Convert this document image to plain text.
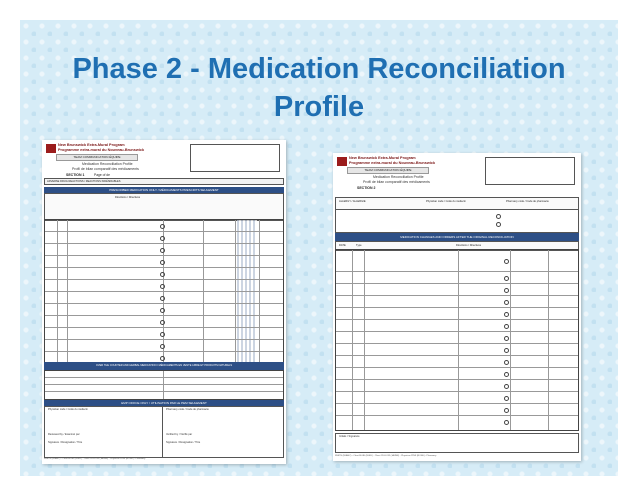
Phase 2 - Medication Reconciliation
Profile
New Brunswick Extra-Mural Program
Programme extra-mural du Nouveau-Brunswick
TEAM COMMUNICATION ÉQUIPE
Medication Reconciliation Profile
Profil de bilan comparatif des médicaments
SECTION 1	Page of de
ADVERSE DRUG REACTIONS / REACTIONS INDÉSIRABLES
PRESCRIBED MEDICATION ONLY / MÉDICAMENTS PRESCRITS SEULEMENT
Directions / Directives
OVER THE COUNTER AND HERBAL MEDICATION / MÉDICAMENTS EN VENTE LIBRE ET PRODUITS NATURELS
EMP OFFICE ONLY / UTILISATION PAR LE PEM SEULEMENT
Physician code / Code du médecin
Reviewed by / Examiné par
Signature / Désignation / Titre
Pharmacy code / Code de pharmacie
Verified by / Vérifié par
Signature / Désignation / Titre
WHITE (BLANC) - Chart BLUE (BLEU) - Client YELLOW (JAUNE) - Physician PINK (ROSE) - Pharmacy
New Brunswick Extra-Mural Program
Programme extra-mural du Nouveau-Brunswick
TEAM COMMUNICATION ÉQUIPE
Medication Reconciliation Profile
Profil de bilan comparatif des médicaments
SECTION 2
ALLERGY / ALLERGIE	Physician code / Code du médecin	Pharmacy code / Code de pharmacie
MEDICATION CHANGES AND ORDERS AFTER THE ORIGINAL RECONCILIATION
DATE	Type	Directions / Directives
Initials / Signature
WHITE (BLANC) - Chart BLUE (BLEU) - Client YELLOW (JAUNE) - Physician PINK (ROSE) - Pharmacy
